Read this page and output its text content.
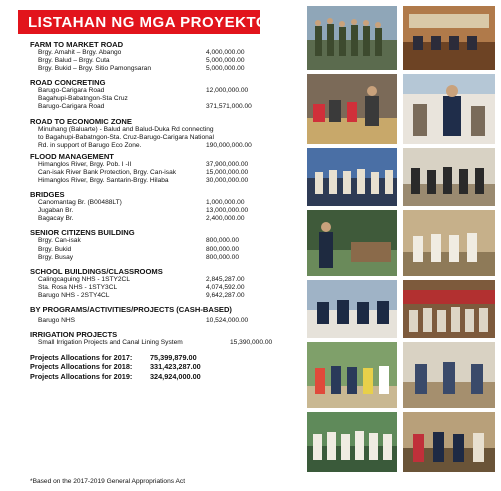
LISTAHAN NG MGA PROYEKTO
FARM TO MARKET ROAD
Brgy. Amahit – Brgy. Abango	4,000,000.00
Brgy. Balud – Brgy. Cuta	5,000,000.00
Brgy. Bukid – Brgy. Sitio Pamongsaran	5,000,000.00
ROAD CONCRETING
Barugo-Carigara Road	12,000,000.00
Bagahupi-Babatngon-Sta Cruz
Barugo-Carigara Road	371,571,000.00
ROAD TO ECONOMIC ZONE
Minuhang (Baluarte) - Balud and Balud-Duka Rd connecting
to Bagahupi-Babatngon-Sta. Cruz-Barugo-Carigara National
Rd. in support of Barugo Eco Zone.	190,000,000.00
FLOOD MANAGEMENT
Himanglos River, Brgy. Pob. I -II	37,900,000.00
Can-isak River Bank Protection, Brgy. Can-isak	15,000,000.00
Himanglos River, Brgy. Santarin-Brgy. Hilaba	30,000,000.00
BRIDGES
Canomantag Br. (B00488LT)	1,000,000.00
Jugaban Br.	13,000,000.00
Bagacay Br.	2,400,000.00
SENIOR CITIZENS BUILDING
Brgy. Can-isak	800,000.00
Brgy. Bukid	800,000.00
Brgy. Busay	800,000.00
SCHOOL BUILDINGS/CLASSROOMS
Calingcaguing NHS - 1STY2CL	2,845,287.00
Sta. Rosa NHS - 1STY3CL	4,074,592.00
Barugo NHS - 2STY4CL	9,642,287.00
BY PROGRAMS/ACTIVITIES/PROJECTS (CASH-BASED)
Barugo NHS	10,524,000.00
IRRIGATION PROJECTS
Small Irrigation Projects and Canal Lining System	15,390,000.00
Projects Allocations for 2017: 75,399,879.00
Projects Allocations for 2018: 331,423,287.00
Projects Allocations for 2019: 324,924,000.00
*Based on the 2017-2019 General Appropriations Act
